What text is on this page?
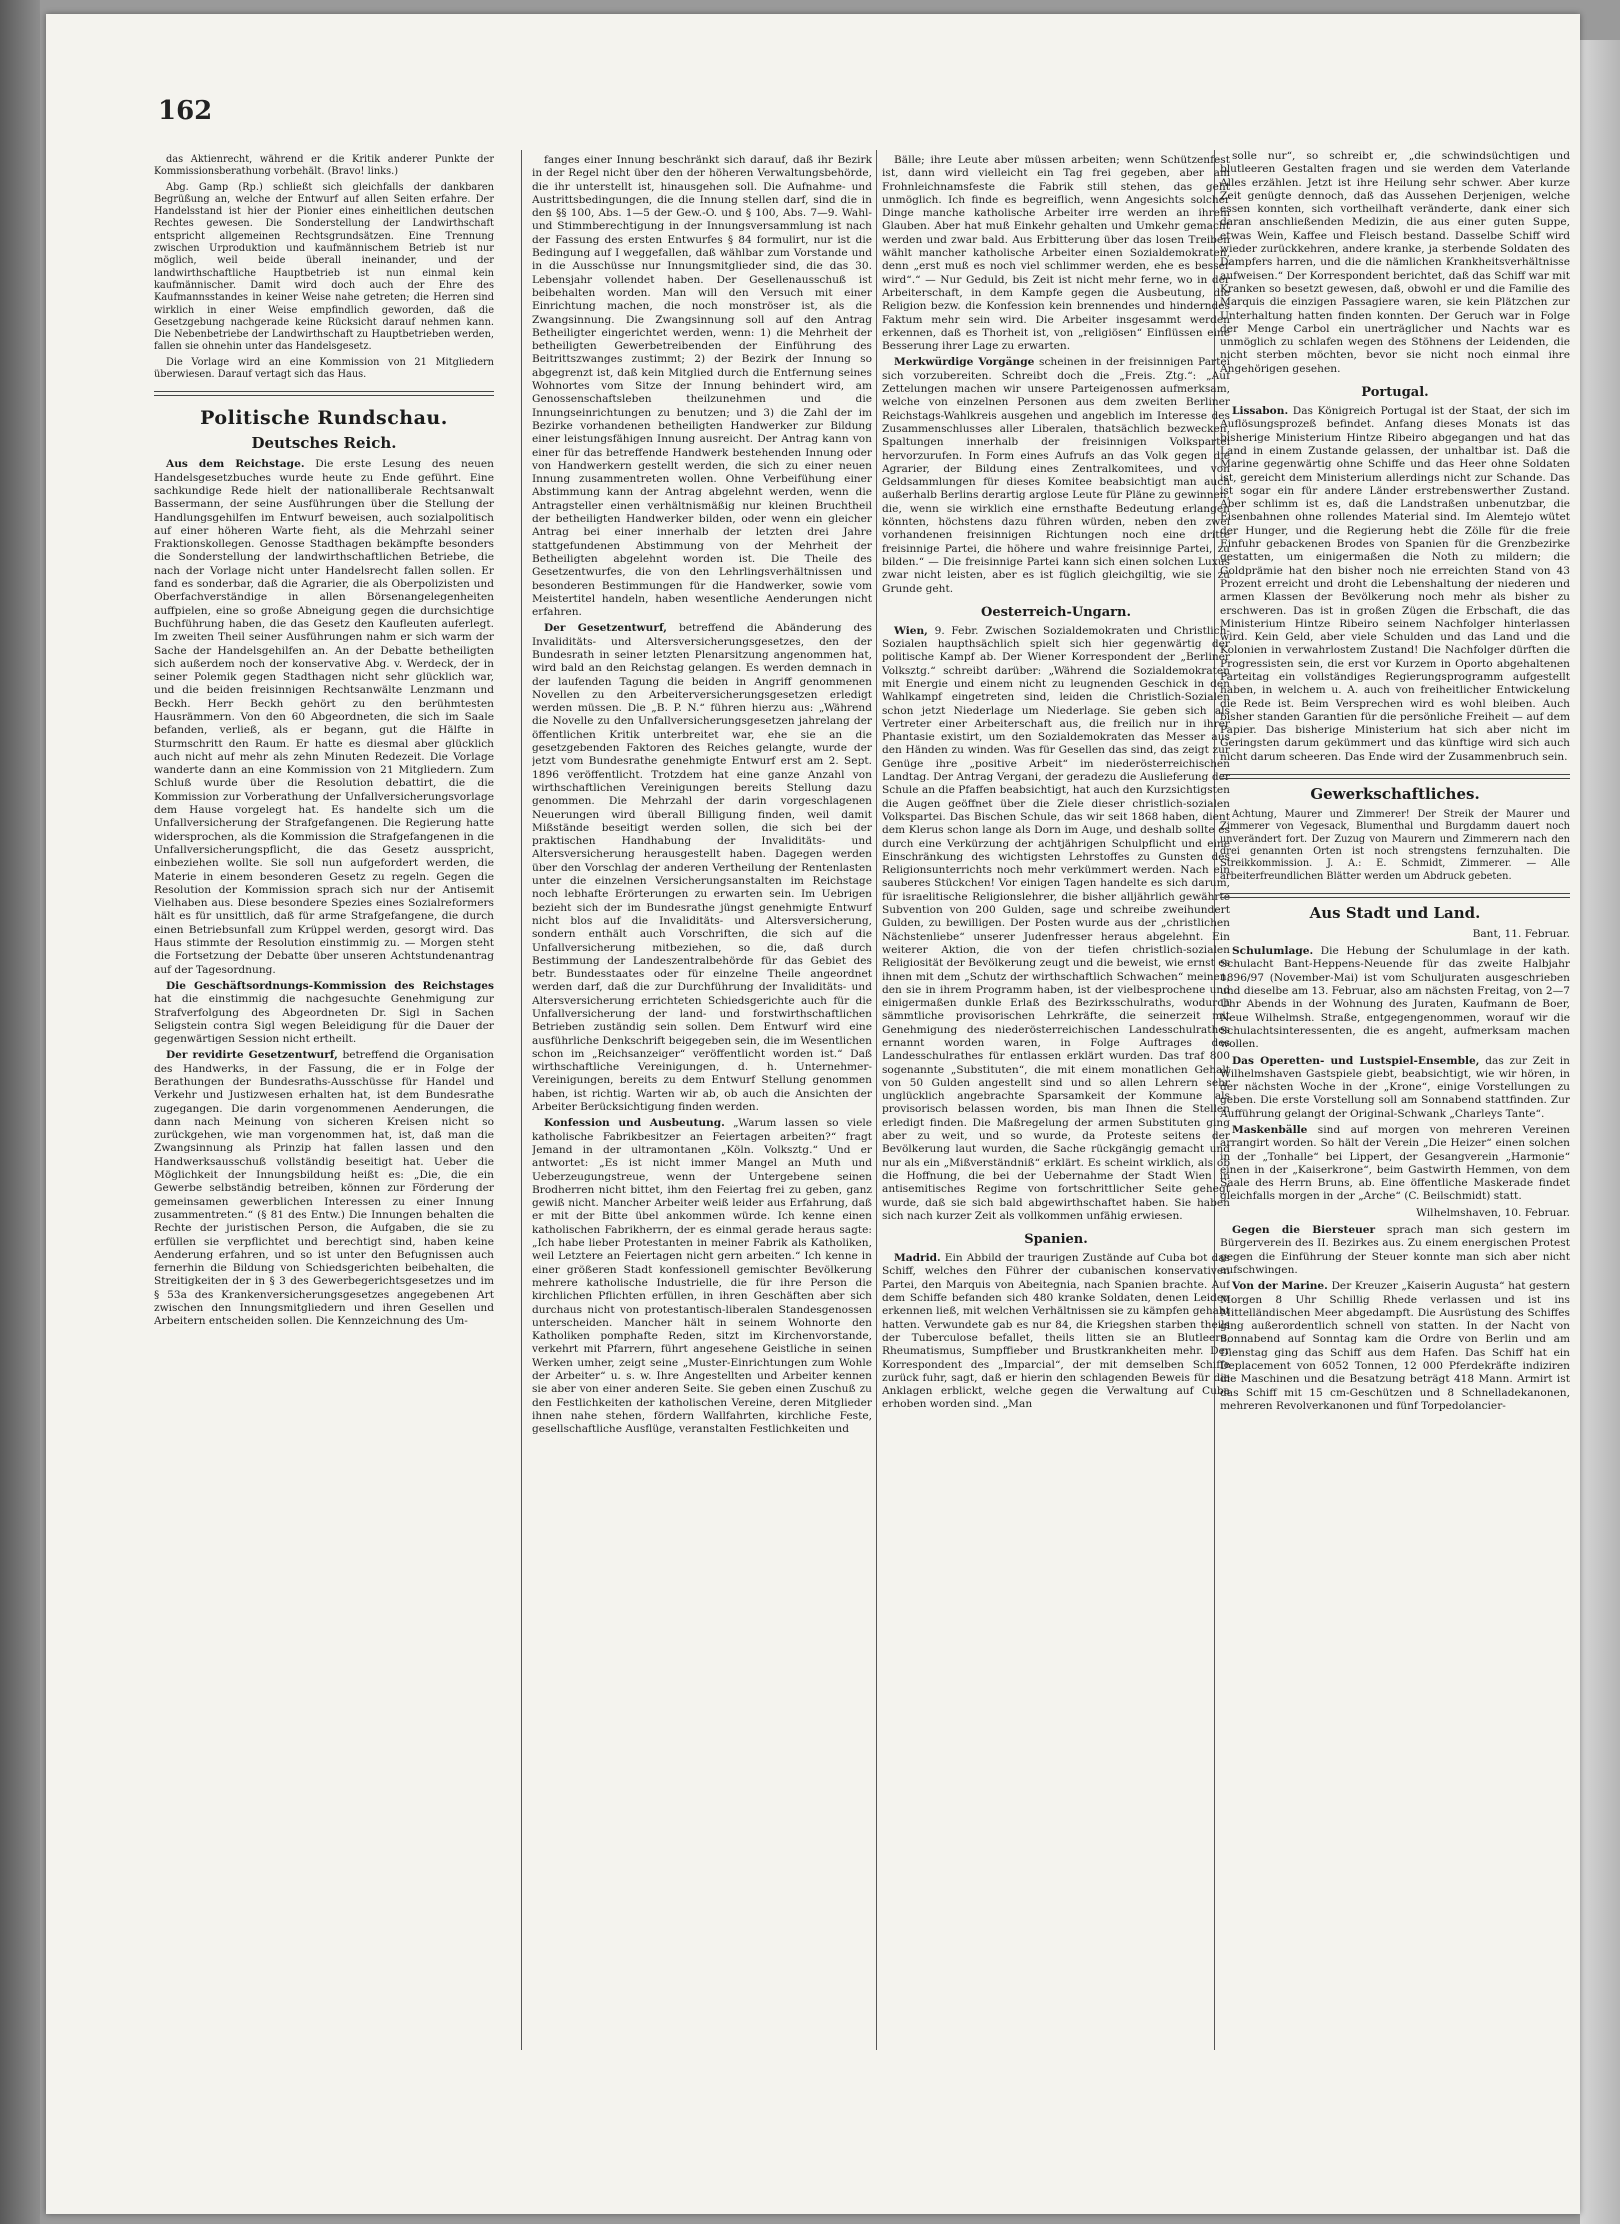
162

das Aktienrecht, während er die Kritik anderer Punkte der Kommissionsberathung vorbehält. (Bravo! links.)

Abg. Gamp (Rp.) schließt sich gleichfalls der dankbaren Begrüßung an, welche der Entwurf auf allen Seiten erfahre. Der Handelsstand ist hier der Pionier eines einheitlichen deutschen Rechtes gewesen. Die Sonderstellung der Landwirthschaft entspricht allgemeinen Rechtsgrundsätzen. Eine Trennung zwischen Urproduktion und kaufmännischem Betrieb ist nur möglich, weil beide überall ineinander, und der landwirthschaftliche Hauptbetrieb ist nun einmal kein kaufmännischer. Damit wird doch auch der Ehre des Kaufmannsstandes in keiner Weise nahe getreten; die Herren sind wirklich in einer Weise empfindlich geworden, daß die Gesetzgebung nachgerade keine Rücksicht darauf nehmen kann. Die Nebenbetriebe der Landwirthschaft zu Hauptbetrieben werden, fallen sie ohnehin unter das Handelsgesetz.

Die Vorlage wird an eine Kommission von 21 Mitgliedern überwiesen. Darauf vertagt sich das Haus.

Politische Rundschau.
Deutsches Reich.

Aus dem Reichstage. Die erste Lesung des neuen Handelsgesetzbuches wurde heute zu Ende geführt. Eine sachkundige Rede hielt der nationalliberale Rechtsanwalt Bassermann, der seine Ausführungen über die Stellung der Handlungsgehilfen im Entwurf beweisen, auch sozialpolitisch auf einer höheren Warte fieht, als die Mehrzahl seiner Fraktionskollegen. Genosse Stadthagen bekämpfte besonders die Sonderstellung der landwirthschaftlichen Betriebe, die nach der Vorlage nicht unter Handelsrecht fallen sollen. Er fand es sonderbar, daß die Agrarier, die als Oberpolizisten und Oberfachverständige in allen Börsenangelegenheiten auffpielen, eine so große Abneigung gegen die durchsichtige Buchführung haben, die das Gesetz den Kaufleuten auferlegt. Im zweiten Theil seiner Ausführungen nahm er sich warm der Sache der Handelsgehilfen an. An der Debatte betheiligten sich außerdem noch der konservative Abg. v. Werdeck, der in seiner Polemik gegen Stadthagen nicht sehr glücklich war, und die beiden freisinnigen Rechtsanwälte Lenzmann und Beckh. Herr Beckh gehört zu den berühmtesten Hausrämmern. Von den 60 Abgeordneten, die sich im Saale befanden, verließ, als er begann, gut die Hälfte in Sturmschritt den Raum. Er hatte es diesmal aber glücklich auch nicht auf mehr als zehn Minuten Redezeit. Die Vorlage wanderte dann an eine Kommission von 21 Mitgliedern. Zum Schluß wurde über die Resolution debattirt, die die Kommission zur Vorberathung der Unfallversicherungsvorlage dem Hause vorgelegt hat. Es handelte sich um die Unfallversicherung der Strafgefangenen. Die Regierung hatte widersprochen, als die Kommission die Strafgefangenen in die Unfallversicherungspflicht, die das Gesetz ausspricht, einbeziehen wollte. Sie soll nun aufgefordert werden, die Materie in einem besonderen Gesetz zu regeln. Gegen die Resolution der Kommission sprach sich nur der Antisemit Vielhaben aus. Diese besondere Spezies eines Sozialreformers hält es für unsittlich, daß für arme Strafgefangene, die durch einen Betriebsunfall zum Krüppel werden, gesorgt wird. Das Haus stimmte der Resolution einstimmig zu. — Morgen steht die Fortsetzung der Debatte über unseren Achtstundenantrag auf der Tagesordnung.

Die Geschäftsordnungs-Kommission des Reichstages hat die einstimmig die nachgesuchte Genehmigung zur Strafverfolgung des Abgeordneten Dr. Sigl in Sachen Seligstein contra Sigl wegen Beleidigung für die Dauer der gegenwärtigen Session nicht ertheilt.

Der revidirte Gesetzentwurf, betreffend die Organisation des Handwerks, in der Fassung, die er in Folge der Berathungen der Bundesraths-Ausschüsse für Handel und Verkehr und Justizwesen erhalten hat, ist dem Bundesrathe zugegangen. Die darin vorgenommenen Aenderungen, die dann nach Meinung von sicheren Kreisen nicht so zurückgehen, wie man vorgenommen hat, ist, daß man die Zwangsinnung als Prinzip hat fallen lassen und den Handwerksausschuß vollständig beseitigt hat. Ueber die Möglichkeit der Innungsbildung heißt es: „Die, die ein Gewerbe selbständig betreiben, können zur Förderung der gemeinsamen gewerblichen Interessen zu einer Innung zusammentreten.“ (§ 81 des Entw.) Die Innungen behalten die Rechte der juristischen Person, die Aufgaben, die sie zu erfüllen sie verpflichtet und berechtigt sind, haben keine Aenderung erfahren, und so ist unter den Befugnissen auch fernerhin die Bildung von Schiedsgerichten beibehalten, die Streitigkeiten der in § 3 des Gewerbegerichtsgesetzes und im § 53a des Krankenversicherungsgesetzes angegebenen Art zwischen den Innungsmitgliedern und ihren Gesellen und Arbeitern entscheiden sollen. Die Kennzeichnung des Um-

fanges einer Innung beschränkt sich darauf, daß ihr Bezirk in der Regel nicht über den der höheren Verwaltungsbehörde, die ihr unterstellt ist, hinausgehen soll. Die Aufnahme- und Austrittsbedingungen, die die Innung stellen darf, sind die in den §§ 100, Abs. 1—5 der Gew.-O. und § 100, Abs. 7—9. Wahl- und Stimmberechtigung in der Innungsversammlung ist nach der Fassung des ersten Entwurfes § 84 formulirt, nur ist die Bedingung auf I weggefallen, daß wählbar zum Vorstande und in die Ausschüsse nur Innungsmitglieder sind, die das 30. Lebensjahr vollendet haben. Der Gesellenausschuß ist beibehalten worden. Man will den Versuch mit einer Einrichtung machen, die noch monströser ist, als die Zwangsinnung. Die Zwangsinnung soll auf den Antrag Betheiligter eingerichtet werden, wenn: 1) die Mehrheit der betheiligten Gewerbetreibenden der Einführung des Beitrittszwanges zustimmt; 2) der Bezirk der Innung so abgegrenzt ist, daß kein Mitglied durch die Entfernung seines Wohnortes vom Sitze der Innung behindert wird, am Genossenschaftsleben theilzunehmen und die Innungseinrichtungen zu benutzen; und 3) die Zahl der im Bezirke vorhandenen betheiligten Handwerker zur Bildung einer leistungsfähigen Innung ausreicht. Der Antrag kann von einer für das betreffende Handwerk bestehenden Innung oder von Handwerkern gestellt werden, die sich zu einer neuen Innung zusammentreten wollen. Ohne Verbeifühung einer Abstimmung kann der Antrag abgelehnt werden, wenn die Antragsteller einen verhältnismäßig nur kleinen Bruchtheil der betheiligten Handwerker bilden, oder wenn ein gleicher Antrag bei einer innerhalb der letzten drei Jahre stattgefundenen Abstimmung von der Mehrheit der Betheiligten abgelehnt worden ist. Die Theile des Gesetzentwurfes, die von den Lehrlingsverhältnissen und besonderen Bestimmungen für die Handwerker, sowie vom Meistertitel handeln, haben wesentliche Aenderungen nicht erfahren.

Der Gesetzentwurf, betreffend die Abänderung des Invaliditäts- und Altersversicherungsgesetzes, den der Bundesrath in seiner letzten Plenarsitzung angenommen hat, wird bald an den Reichstag gelangen. Es werden demnach in der laufenden Tagung die beiden in Angriff genommenen Novellen zu den Arbeiterversicherungsgesetzen erledigt werden müssen. Die „B. P. N.“ führen hierzu aus: „Während die Novelle zu den Unfallversicherungsgesetzen jahrelang der öffentlichen Kritik unterbreitet war, ehe sie an die gesetzgebenden Faktoren des Reiches gelangte, wurde der jetzt vom Bundesrathe genehmigte Entwurf erst am 2. Sept. 1896 veröffentlicht. Trotzdem hat eine ganze Anzahl von wirthschaftlichen Vereinigungen bereits Stellung dazu genommen. Die Mehrzahl der darin vorgeschlagenen Neuerungen wird überall Billigung finden, weil damit Mißstände beseitigt werden sollen, die sich bei der praktischen Handhabung der Invaliditäts- und Altersversicherung herausgestellt haben. Dagegen werden über den Vorschlag der anderen Vertheilung der Rentenlasten unter die einzelnen Versicherungsanstalten im Reichstage noch lebhafte Erörterungen zu erwarten sein. Im Uebrigen bezieht sich der im Bundesrathe jüngst genehmigte Entwurf nicht blos auf die Invaliditäts- und Altersversicherung, sondern enthält auch Vorschriften, die sich auf die Unfallversicherung mitbeziehen, so die, daß durch Bestimmung der Landeszentralbehörde für das Gebiet des betr. Bundesstaates oder für einzelne Theile angeordnet werden darf, daß die zur Durchführung der Invaliditäts- und Altersversicherung errichteten Schiedsgerichte auch für die Unfallversicherung der land- und forstwirthschaftlichen Betrieben zuständig sein sollen. Dem Entwurf wird eine ausführliche Denkschrift beigegeben sein, die im Wesentlichen schon im „Reichsanzeiger“ veröffentlicht worden ist.“ Daß wirthschaftliche Vereinigungen, d. h. Unternehmer-Vereinigungen, bereits zu dem Entwurf Stellung genommen haben, ist richtig. Warten wir ab, ob auch die Ansichten der Arbeiter Berücksichtigung finden werden.

Konfession und Ausbeutung. „Warum lassen so viele katholische Fabrikbesitzer an Feiertagen arbeiten?“ fragt Jemand in der ultramontanen „Köln. Volksztg.“ Und er antwortet: „Es ist nicht immer Mangel an Muth und Ueberzeugungstreue, wenn der Untergebene seinen Brodherren nicht bittet, ihm den Feiertag frei zu geben, ganz gewiß nicht. Mancher Arbeiter weiß leider aus Erfahrung, daß er mit der Bitte übel ankommen würde. Ich kenne einen katholischen Fabrikherrn, der es einmal gerade heraus sagte: „Ich habe lieber Protestanten in meiner Fabrik als Katholiken, weil Letztere an Feiertagen nicht gern arbeiten.“ Ich kenne in einer größeren Stadt konfessionell gemischter Bevölkerung mehrere katholische Industrielle, die für ihre Person die kirchlichen Pflichten erfüllen, in ihren Geschäften aber sich durchaus nicht von protestantisch-liberalen Standesgenossen unterscheiden. Mancher hält in seinem Wohnorte den Katholiken pomphafte Reden, sitzt im Kirchenvorstande, verkehrt mit Pfarrern, führt angesehene Geistliche in seinen Werken umher, zeigt seine „Muster-Einrichtungen zum Wohle der Arbeiter“ u. s. w. Ihre Angestellten und Arbeiter kennen sie aber von einer anderen Seite. Sie geben einen Zuschuß zu den Festlichkeiten der katholischen Vereine, deren Mitglieder ihnen nahe stehen, fördern Wallfahrten, kirchliche Feste, gesellschaftliche Ausflüge, veranstalten Festlichkeiten und

Bälle; ihre Leute aber müssen arbeiten; wenn Schützenfest ist, dann wird vielleicht ein Tag frei gegeben, aber am Frohnleichnamsfeste die Fabrik still stehen, das geht unmöglich. Ich finde es begreiflich, wenn Angesichts solcher Dinge manche katholische Arbeiter irre werden an ihrem Glauben. Aber hat muß Einkehr gehalten und Umkehr gemacht werden und zwar bald. Aus Erbitterung über das losen Treiben wählt mancher katholische Arbeiter einen Sozialdemokraten, denn „erst muß es noch viel schlimmer werden, ehe es besser wird“.“ — Nur Geduld, bis Zeit ist nicht mehr ferne, wo in der Arbeiterschaft, in dem Kampfe gegen die Ausbeutung, die Religion bezw. die Konfession kein brennendes und hinderndes Faktum mehr sein wird. Die Arbeiter insgesammt werden erkennen, daß es Thorheit ist, von „religiösen“ Einflüssen eine Besserung ihrer Lage zu erwarten.

Merkwürdige Vorgänge scheinen in der freisinnigen Partei sich vorzubereiten. Schreibt doch die „Freis. Ztg.“: „Auf Zettelungen machen wir unsere Parteigenossen aufmerksam, welche von einzelnen Personen aus dem zweiten Berliner Reichstags-Wahlkreis ausgehen und angeblich im Interesse des Zusammenschlusses aller Liberalen, thatsächlich bezwecken, Spaltungen innerhalb der freisinnigen Volkspartei hervorzurufen. In Form eines Aufrufs an das Volk gegen die Agrarier, der Bildung eines Zentralkomitees, und von Geldsammlungen für dieses Komitee beabsichtigt man auch außerhalb Berlins derartig arglose Leute für Pläne zu gewinnen, die, wenn sie wirklich eine ernsthafte Bedeutung erlangen könnten, höchstens dazu führen würden, neben den zwei vorhandenen freisinnigen Richtungen noch eine dritte freisinnige Partei, die höhere und wahre freisinnige Partei, zu bilden.“ — Die freisinnige Partei kann sich einen solchen Luxus zwar nicht leisten, aber es ist füglich gleichgiltig, wie sie zu Grunde geht.

Oesterreich-Ungarn.

Wien, 9. Febr. Zwischen Sozialdemokraten und Christlich-Sozialen haupthsächlich spielt sich hier gegenwärtig der politische Kampf ab. Der Wiener Korrespondent der „Berliner Volksztg.“ schreibt darüber: „Während die Sozialdemokraten mit Energie und einem nicht zu leugnenden Geschick in den Wahlkampf eingetreten sind, leiden die Christlich-Sozialen schon jetzt Niederlage um Niederlage. Sie geben sich als Vertreter einer Arbeiterschaft aus, die freilich nur in ihrer Phantasie existirt, um den Sozialdemokraten das Messer aus den Händen zu winden. Was für Gesellen das sind, das zeigt zur Genüge ihre „positive Arbeit“ im niederösterreichischen Landtag. Der Antrag Vergani, der geradezu die Auslieferung der Schule an die Pfaffen beabsichtigt, hat auch den Kurzsichtigsten die Augen geöffnet über die Ziele dieser christlich-sozialen Volkspartei. Das Bischen Schule, das wir seit 1868 haben, dient dem Klerus schon lange als Dorn im Auge, und deshalb sollte es durch eine Verkürzung der achtjährigen Schulpflicht und eine Einschränkung des wichtigsten Lehrstoffes zu Gunsten des Religionsunterrichts noch mehr verkümmert werden. Nach ein sauberes Stückchen! Vor einigen Tagen handelte es sich darum, für israelitische Religionslehrer, die bisher alljährlich gewährte Subvention von 200 Gulden, sage und schreibe zweihundert Gulden, zu bewilligen. Der Posten wurde aus der „christlichen Nächstenliebe“ unserer Judenfresser heraus abgelehnt. Ein weiterer Aktion, die von der tiefen christlich-sozialen Religiosität der Bevölkerung zeugt und die beweist, wie ernst es ihnen mit dem „Schutz der wirthschaftlich Schwachen“ meinen, den sie in ihrem Programm haben, ist der vielbesprochene und einigermaßen dunkle Erlaß des Bezirksschulraths, wodurch sämmtliche provisorischen Lehrkräfte, die seinerzeit mit Genehmigung des niederösterreichischen Landesschulrathes ernannt worden waren, in Folge Auftrages des Landesschulrathes für entlassen erklärt wurden. Das traf 800 sogenannte „Substituten“, die mit einem monatlichen Gehalt von 50 Gulden angestellt sind und so allen Lehrern sehr unglücklich angebrachte Sparsamkeit der Kommune als provisorisch belassen worden, bis man Ihnen die Stellen erledigt finden. Die Maßregelung der armen Substituten ging aber zu weit, und so wurde, da Proteste seitens der Bevölkerung laut wurden, die Sache rückgängig gemacht und nur als ein „Mißverständniß“ erklärt. Es scheint wirklich, als ob die Hoffnung, die bei der Uebernahme der Stadt Wien in antisemitisches Regime von fortschrittlicher Seite gehegt wurde, daß sie sich bald abgewirthschaftet haben. Sie haben sich nach kurzer Zeit als vollkommen unfähig erwiesen.

Spanien.

Madrid. Ein Abbild der traurigen Zustände auf Cuba bot das Schiff, welches den Führer der cubanischen konservativen Partei, den Marquis von Abeitegnia, nach Spanien brachte. Auf dem Schiffe befanden sich 480 kranke Soldaten, denen Leiden erkennen ließ, mit welchen Verhältnissen sie zu kämpfen gehabt hatten. Verwundete gab es nur 84, die Kriegshen starben theils der Tuberculose befallet, theils litten sie an Blutleere, Rheumatismus, Sumpffieber und Brustkrankheiten mehr. Der Korrespondent des „Imparcial“, der mit demselben Schiffe zurück fuhr, sagt, daß er hierin den schlagenden Beweis für die Anklagen erblickt, welche gegen die Verwaltung auf Cuba erhoben worden sind. „Man

solle nur“, so schreibt er, „die schwindsüchtigen und blutleeren Gestalten fragen und sie werden dem Vaterlande Alles erzählen. Jetzt ist ihre Heilung sehr schwer. Aber kurze Zeit genügte dennoch, daß das Aussehen Derjenigen, welche essen konnten, sich vortheilhaft veränderte, dank einer sich daran anschließenden Medizin, die aus einer guten Suppe, etwas Wein, Kaffee und Fleisch bestand. Dasselbe Schiff wird wieder zurückkehren, andere kranke, ja sterbende Soldaten des Dampfers harren, und die die nämlichen Krankheitsverhältnisse aufweisen.“ Der Korrespondent berichtet, daß das Schiff war mit Kranken so besetzt gewesen, daß, obwohl er und die Familie des Marquis die einzigen Passagiere waren, sie kein Plätzchen zur Unterhaltung hatten finden konnten. Der Geruch war in Folge der Menge Carbol ein unerträglicher und Nachts war es unmöglich zu schlafen wegen des Stöhnens der Leidenden, die nicht sterben möchten, bevor sie nicht noch einmal ihre Angehörigen gesehen.

Portugal.

Lissabon. Das Königreich Portugal ist der Staat, der sich im Auflösungsprozeß befindet. Anfang dieses Monats ist das bisherige Ministerium Hintze Ribeiro abgegangen und hat das Land in einem Zustande gelassen, der unhaltbar ist. Daß die Marine gegenwärtig ohne Schiffe und das Heer ohne Soldaten ist, gereicht dem Ministerium allerdings nicht zur Schande. Das ist sogar ein für andere Länder erstrebenswerther Zustand. Aber schlimm ist es, daß die Landstraßen unbenutzbar, die Eisenbahnen ohne rollendes Material sind. Im Alemtejo wütet der Hunger, und die Regierung hebt die Zölle für die freie Einfuhr gebackenen Brodes von Spanien für die Grenzbezirke gestatten, um einigermaßen die Noth zu mildern; die Goldprämie hat den bisher noch nie erreichten Stand von 43 Prozent erreicht und droht die Lebenshaltung der niederen und armen Klassen der Bevölkerung noch mehr als bisher zu erschweren. Das ist in großen Zügen die Erbschaft, die das Ministerium Hintze Ribeiro seinem Nachfolger hinterlassen wird. Kein Geld, aber viele Schulden und das Land und die Kolonien in verwahrlostem Zustand! Die Nachfolger dürften die Progressisten sein, die erst vor Kurzem in Oporto abgehaltenen Parteitag ein vollständiges Regierungsprogramm aufgestellt haben, in welchem u. A. auch von freiheitlicher Entwickelung die Rede ist. Beim Versprechen wird es wohl bleiben. Auch bisher standen Garantien für die persönliche Freiheit — auf dem Papier. Das bisherige Ministerium hat sich aber nicht im Geringsten darum gekümmert und das künftige wird sich auch nicht darum scheeren. Das Ende wird der Zusammenbruch sein.

Gewerkschaftliches.

Achtung, Maurer und Zimmerer! Der Streik der Maurer und Zimmerer von Vegesack, Blumenthal und Burgdamm dauert noch unverändert fort. Der Zuzug von Maurern und Zimmerern nach den drei genannten Orten ist noch strengstens fernzuhalten. Die Streikkommission. J. A.: E. Schmidt, Zimmerer. — Alle arbeiterfreundlichen Blätter werden um Abdruck gebeten.

Aus Stadt und Land.
Bant, 11. Februar.

Schulumlage. Die Hebung der Schulumlage in der kath. Schulacht Bant-Heppens-Neuende für das zweite Halbjahr 1896/97 (November-Mai) ist vom Schuljuraten ausgeschrieben und dieselbe am 13. Februar, also am nächsten Freitag, von 2—7 Uhr Abends in der Wohnung des Juraten, Kaufmann de Boer, Neue Wilhelmsh. Straße, entgegengenommen, worauf wir die Schulachtsinteressenten, die es angeht, aufmerksam machen wollen.

Das Operetten- und Lustspiel-Ensemble, das zur Zeit in Wilhelmshaven Gastspiele giebt, beabsichtigt, wie wir hören, in der nächsten Woche in der „Krone“, einige Vorstellungen zu geben. Die erste Vorstellung soll am Sonnabend stattfinden. Zur Aufführung gelangt der Original-Schwank „Charleys Tante“.

Maskenbälle sind auf morgen von mehreren Vereinen arrangirt worden. So hält der Verein „Die Heizer“ einen solchen in der „Tonhalle“ bei Lippert, der Gesangverein „Harmonie“ einen in der „Kaiserkrone“, beim Gastwirth Hemmen, von dem Saale des Herrn Bruns, ab. Eine öffentliche Maskerade findet gleichfalls morgen in der „Arche“ (C. Beilschmidt) statt.

Wilhelmshaven, 10. Februar.

Gegen die Biersteuer sprach man sich gestern im Bürgerverein des II. Bezirkes aus. Zu einem energischen Protest gegen die Einführung der Steuer konnte man sich aber nicht aufschwingen.

Von der Marine. Der Kreuzer „Kaiserin Augusta“ hat gestern Morgen 8 Uhr Schillig Rhede verlassen und ist ins Mittelländischen Meer abgedampft. Die Ausrüstung des Schiffes ging außerordentlich schnell von statten. In der Nacht von Sonnabend auf Sonntag kam die Ordre von Berlin und am Dienstag ging das Schiff aus dem Hafen. Das Schiff hat ein Deplacement von 6052 Tonnen, 12 000 Pferdekräfte indiziren die Maschinen und die Besatzung beträgt 418 Mann. Armirt ist das Schiff mit 15 cm-Geschützen und 8 Schnelladekanonen, mehreren Revolverkanonen und fünf Torpedolancier-
